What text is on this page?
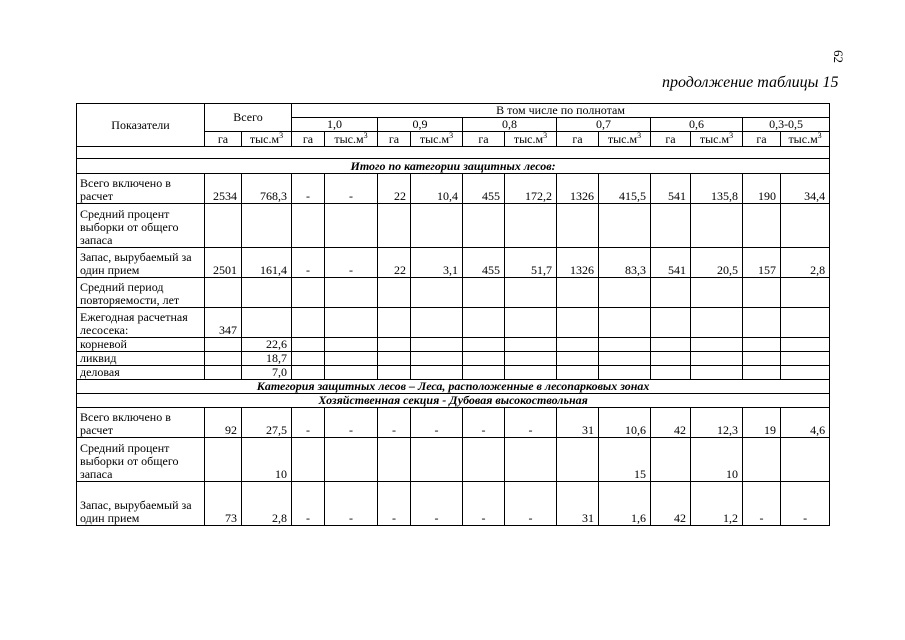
62
продолжение таблицы 15
Показатели	Всего		В том числе по полнотам											
			1,0		0,9		0,8		0,7		0,6		0,3-0,5	
	га	$тыс.м^3$	га	$тыс.м^3$	га	$тыс.м^3$	га	$тыс.м^3$	га	$тыс.м^3$	га	$тыс.м^3$	га	$тыс.м^3$

Итого по категории защитных лесов:														
Всего включено в расчет	2534	768,3	-	-	22	10,4	455	172,2	1326	415,5	541	135,8	190	34,4
Средний процент выборки от общего запаса														
Запас, вырубаемый за один прием	2501	161,4	-	-	22	3,1	455	51,7	1326	83,3	541	20,5	157	2,8
Средний период повторяемости, лет														
Ежегодная расчетная лесосека:	347													
корневой		22,6												
ликвид		18,7												
деловая		7,0												
Категория защитных лесов – Леса, расположенные в лесопарковых зонах														
Хозяйственная секция - Дубовая высокоствольная														
Всего включено в расчет	92	27,5	-	-	-	-	-	-	31	10,6	42	12,3	19	4,6
Средний процент выборки от общего запаса		10								15		10		
Запас, вырубаемый за один прием	73	2,8	-	-	-	-	-	-	31	1,6	42	1,2	-	-
